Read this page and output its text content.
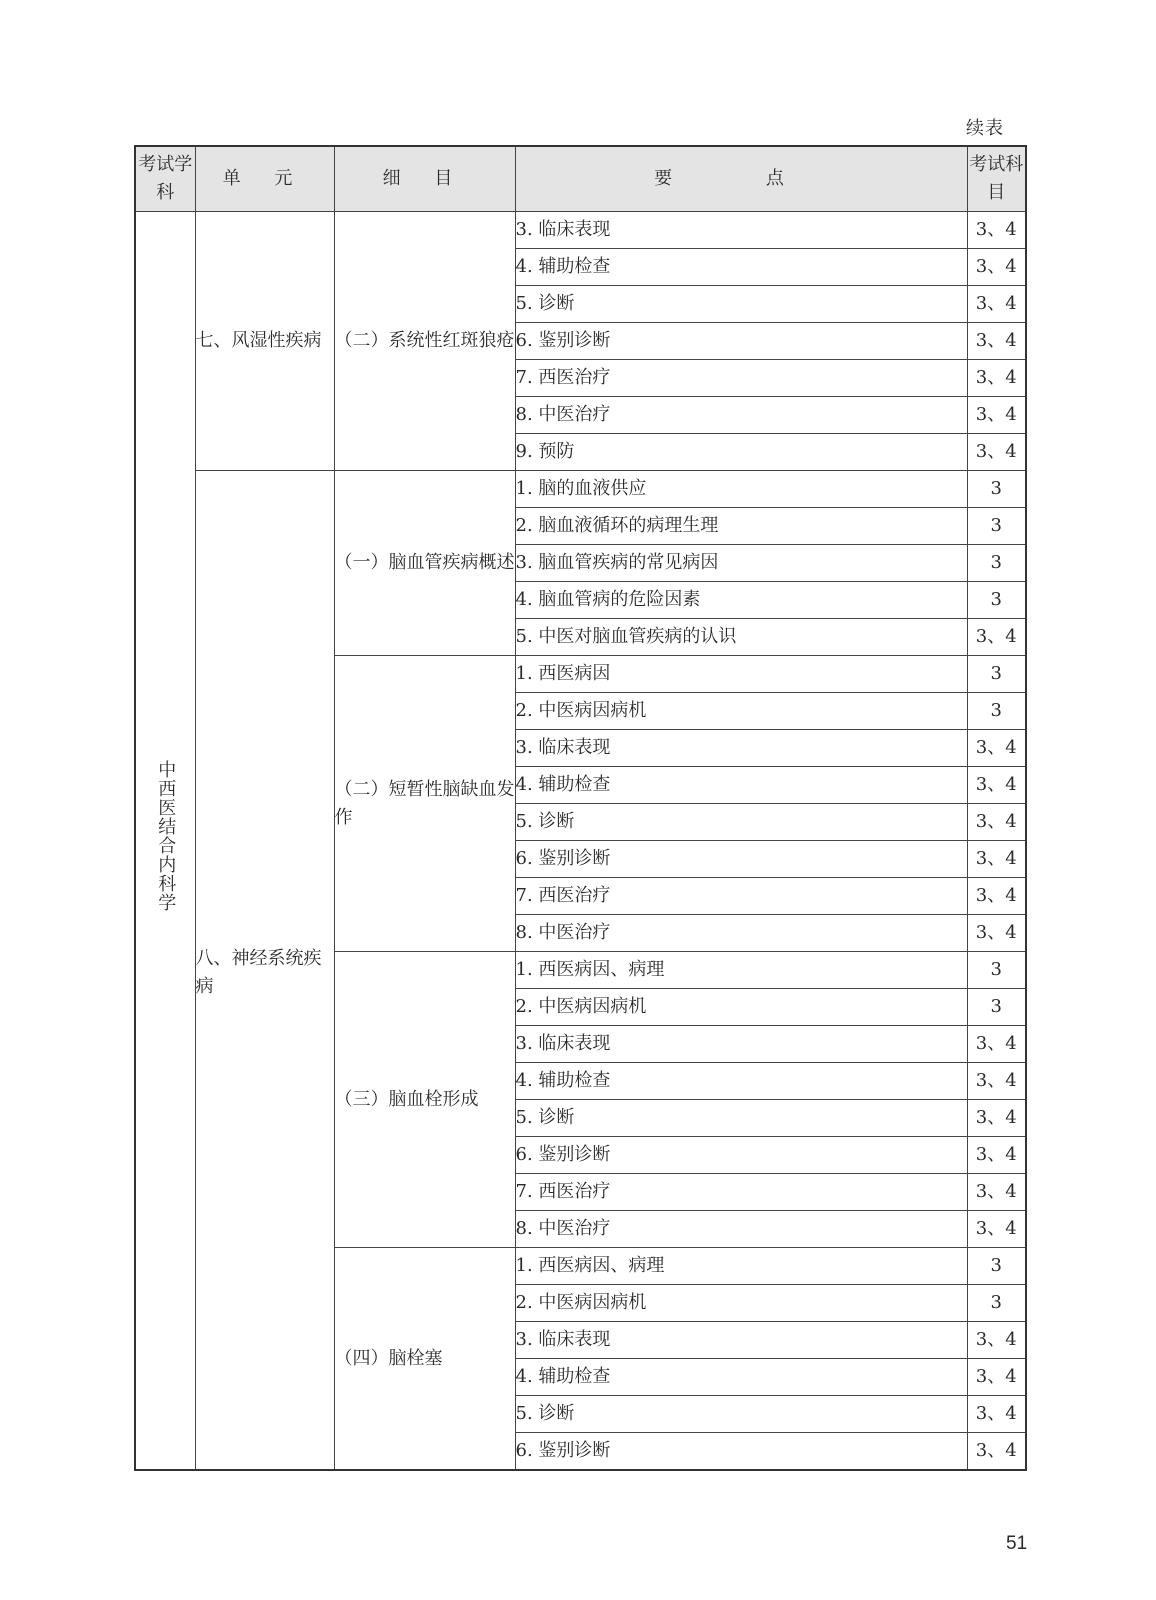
续表
考试学科	单 元	细 目	要 点	考试科目
中西医结合内科学	七、风湿性疾病	（二）系统性红斑狼疮	3. 临床表现	3、4
			4. 辅助检查	3、4
			5. 诊断	3、4
			6. 鉴别诊断	3、4
			7. 西医治疗	3、4
			8. 中医治疗	3、4
			9. 预防	3、4
	八、神经系统疾病	（一）脑血管疾病概述	1. 脑的血液供应	3
			2. 脑血液循环的病理生理	3
			3. 脑血管疾病的常见病因	3
			4. 脑血管病的危险因素	3
			5. 中医对脑血管疾病的认识	3、4
		（二）短暂性脑缺血发作	1. 西医病因	3
			2. 中医病因病机	3
			3. 临床表现	3、4
			4. 辅助检查	3、4
			5. 诊断	3、4
			6. 鉴别诊断	3、4
			7. 西医治疗	3、4
			8. 中医治疗	3、4
		（三）脑血栓形成	1. 西医病因、病理	3
			2. 中医病因病机	3
			3. 临床表现	3、4
			4. 辅助检查	3、4
			5. 诊断	3、4
			6. 鉴别诊断	3、4
			7. 西医治疗	3、4
			8. 中医治疗	3、4
		（四）脑栓塞	1. 西医病因、病理	3
			2. 中医病因病机	3
			3. 临床表现	3、4
			4. 辅助检查	3、4
			5. 诊断	3、4
			6. 鉴别诊断	3、4
51
